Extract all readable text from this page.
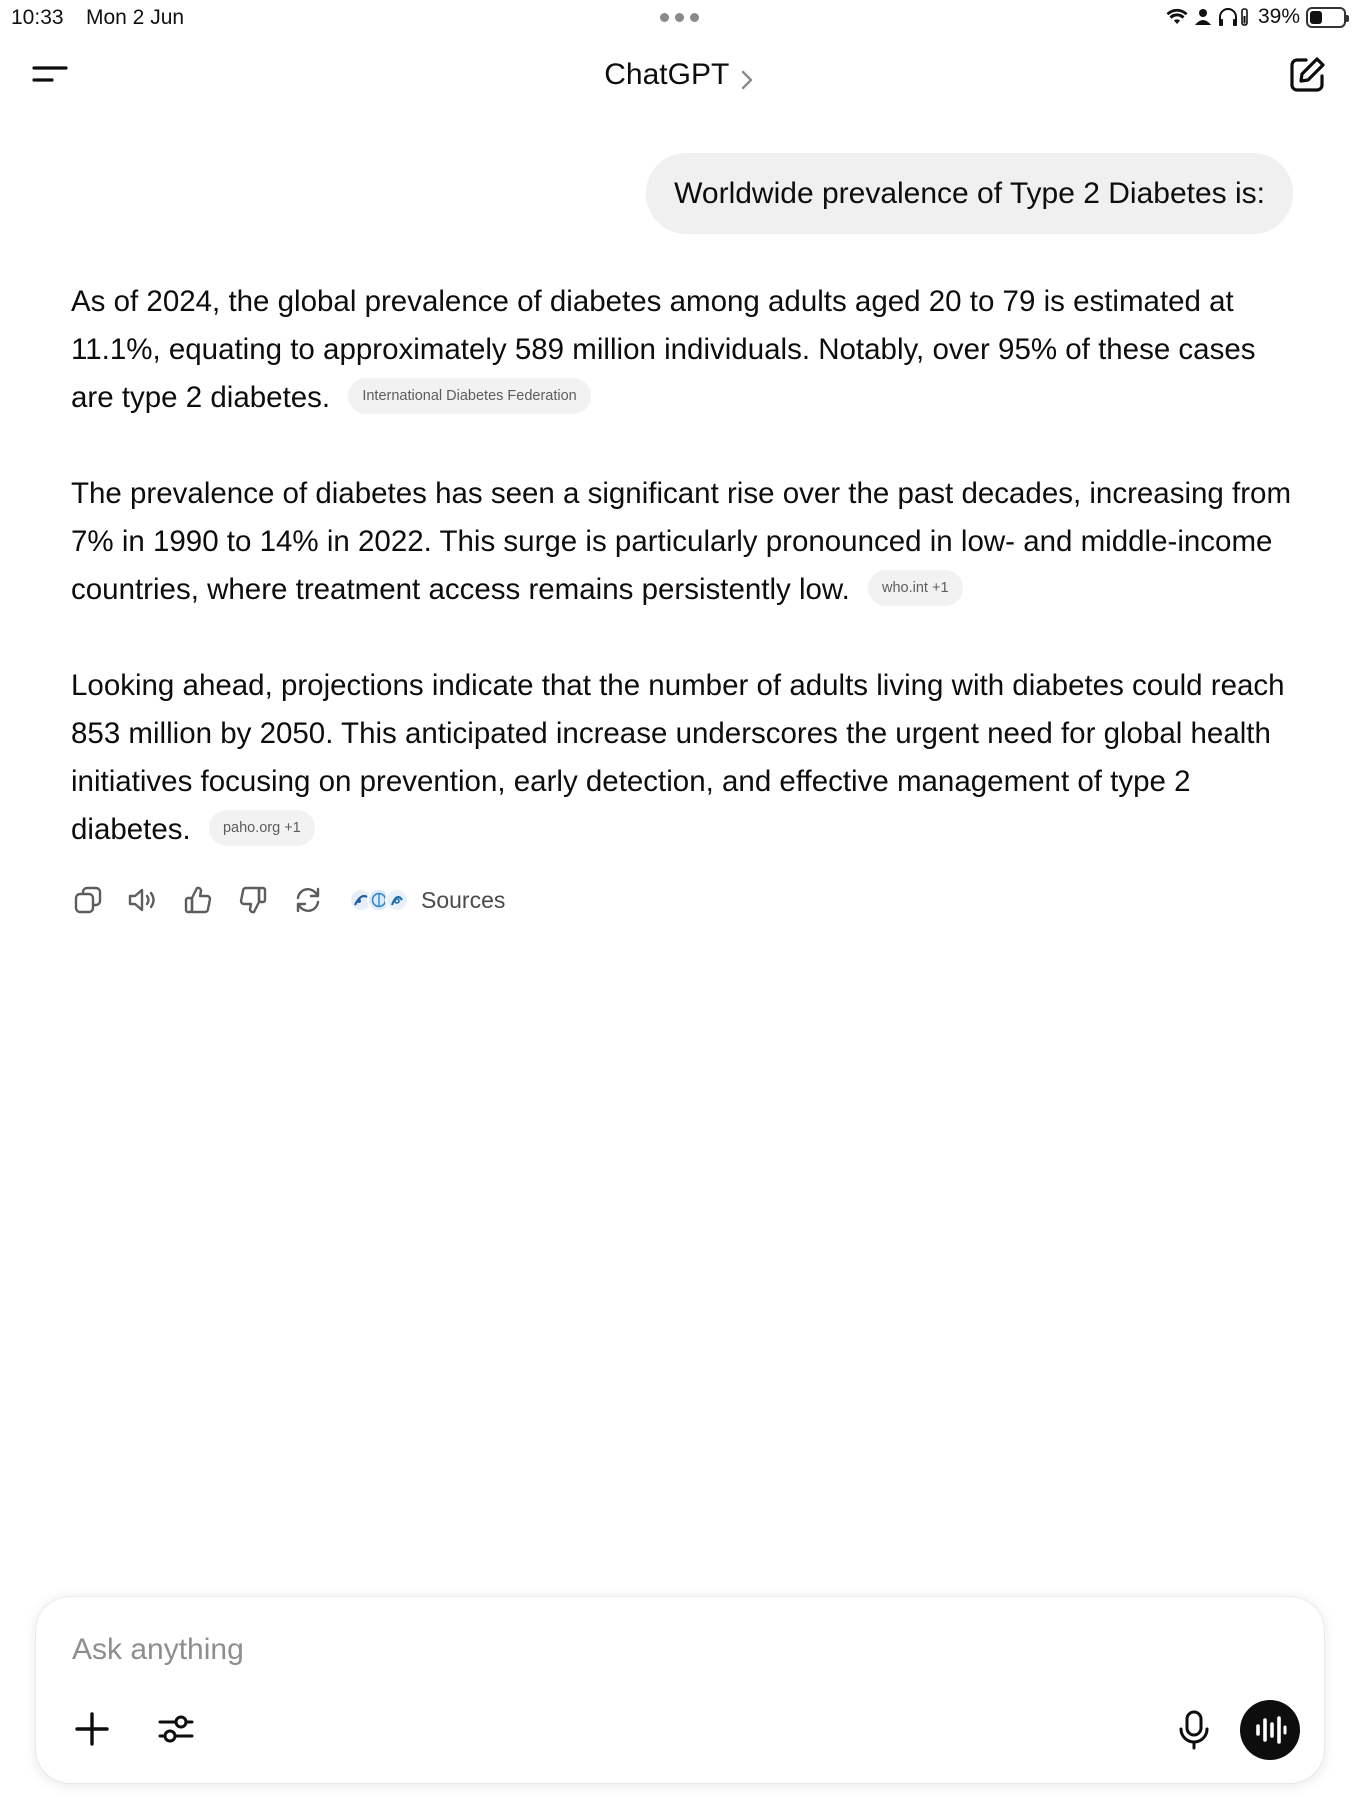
10:33 Mon 2 Jun	39%
ChatGPT
Worldwide prevalence of Type 2 Diabetes is:

As of 2024, the global prevalence of diabetes among adults aged 20 to 79 is estimated at 11.1%, equating to approximately 589 million individuals. Notably, over 95% of these cases are type 2 diabetes. International Diabetes Federation

The prevalence of diabetes has seen a significant rise over the past decades, increasing from 7% in 1990 to 14% in 2022. This surge is particularly pronounced in low- and middle-income countries, where treatment access remains persistently low. who.int +1

Looking ahead, projections indicate that the number of adults living with diabetes could reach 853 million by 2050. This anticipated increase underscores the urgent need for global health initiatives focusing on prevention, early detection, and effective management of type 2 diabetes. paho.org +1

Sources
Ask anything
